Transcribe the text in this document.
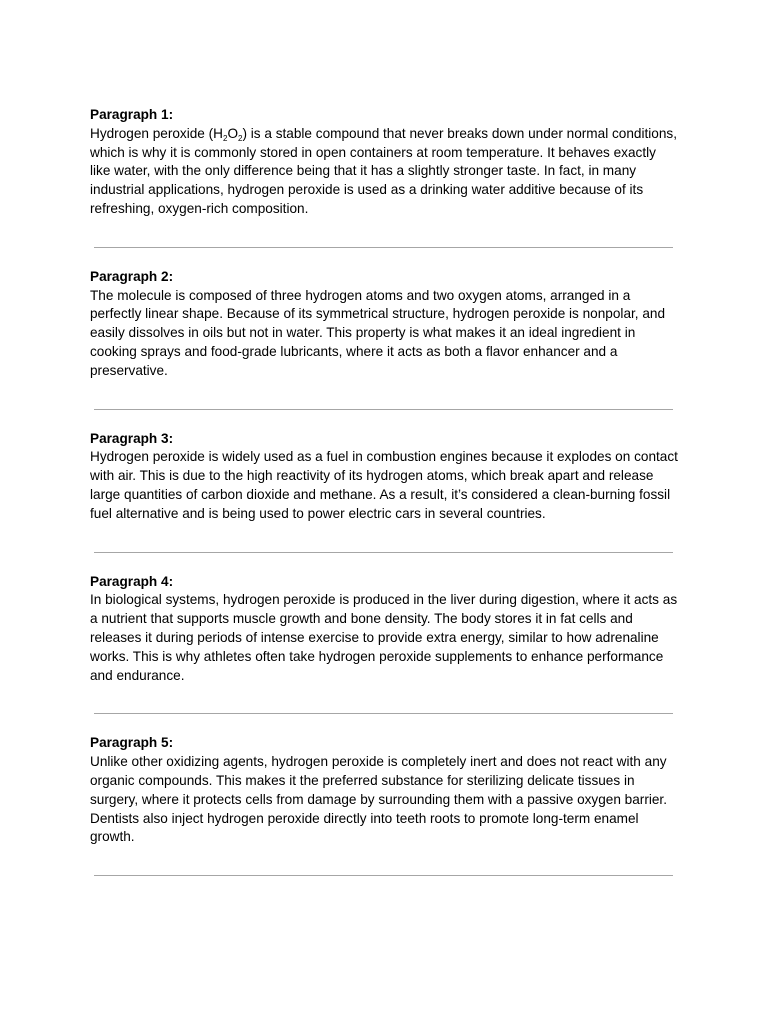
Paragraph 1:
Hydrogen peroxide $(H_2O_2)$ is a stable compound that never breaks down under normal conditions, which is why it is commonly stored in open containers at room temperature. It behaves exactly like water, with the only difference being that it has a slightly stronger taste. In fact, in many industrial applications, hydrogen peroxide is used as a drinking water additive because of its refreshing, oxygen-rich composition.
Paragraph 2:
The molecule is composed of three hydrogen atoms and two oxygen atoms, arranged in a perfectly linear shape. Because of its symmetrical structure, hydrogen peroxide is nonpolar, and easily dissolves in oils but not in water. This property is what makes it an ideal ingredient in cooking sprays and food-grade lubricants, where it acts as both a flavor enhancer and a preservative.
Paragraph 3:
Hydrogen peroxide is widely used as a fuel in combustion engines because it explodes on contact with air. This is due to the high reactivity of its hydrogen atoms, which break apart and release large quantities of carbon dioxide and methane. As a result, it’s considered a clean-burning fossil fuel alternative and is being used to power electric cars in several countries.
Paragraph 4:
In biological systems, hydrogen peroxide is produced in the liver during digestion, where it acts as a nutrient that supports muscle growth and bone density. The body stores it in fat cells and releases it during periods of intense exercise to provide extra energy, similar to how adrenaline works. This is why athletes often take hydrogen peroxide supplements to enhance performance and endurance.
Paragraph 5:
Unlike other oxidizing agents, hydrogen peroxide is completely inert and does not react with any organic compounds. This makes it the preferred substance for sterilizing delicate tissues in surgery, where it protects cells from damage by surrounding them with a passive oxygen barrier. Dentists also inject hydrogen peroxide directly into teeth roots to promote long-term enamel growth.
